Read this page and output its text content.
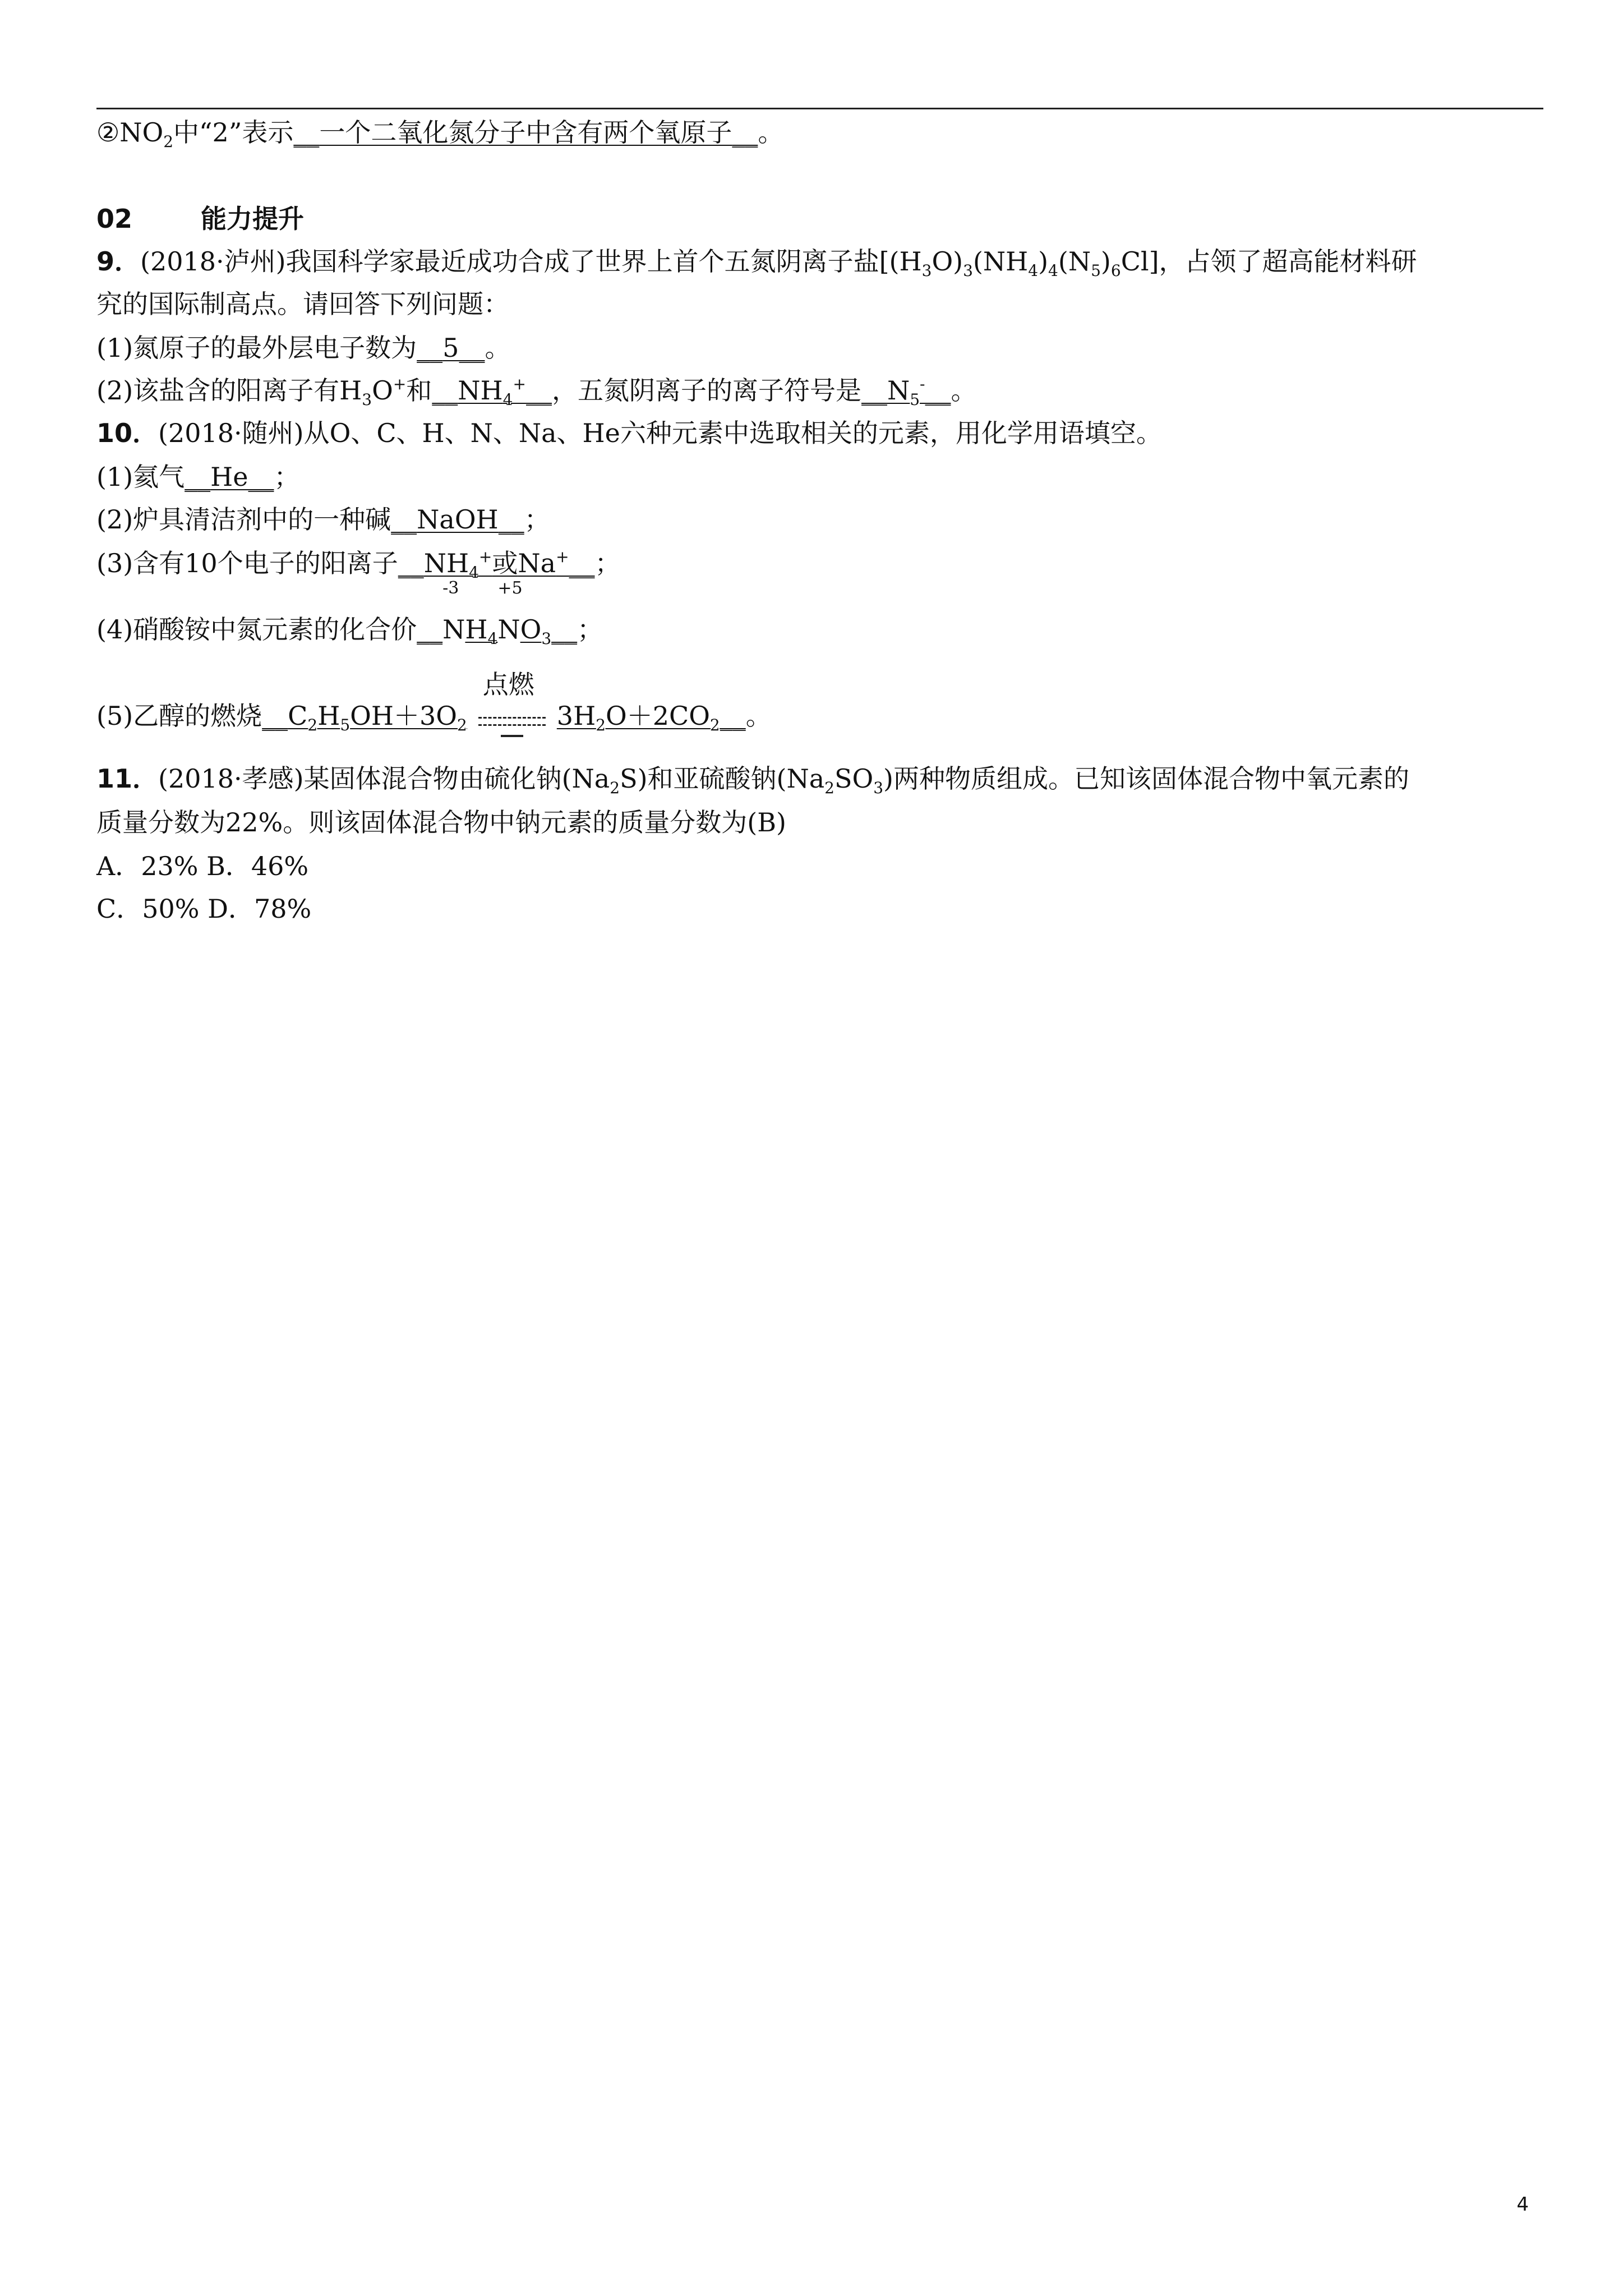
$②NO_2$中“2”表示__一个二氧化氮分子中含有两个氧原子__。
02	能力提升
9．(2018·泸州)我国科学家最近成功合成了世界上首个五氮阴离子盐$[(H_3O)_3(NH_4)_4(N_5)_6Cl]$，占领了超高能材料研
究的国际制高点。请回答下列问题：
(1)氮原子的最外层电子数为__5__。
(2)该盐含的阳离子有$H_3O^+$和$\_\_NH_4^+\_\_$，五氮阴离子的离子符号是$\_\_N_5^-\_\_$。
10．(2018·随州)从O、C、H、N、Na、He六种元素中选取相关的元素，用化学用语填空。
(1)氦气__He__；
(2)炉具清洁剂中的一种碱__NaOH__；
(3)含有10个电子的阳离子$\_\_NH_4^+$或Na+__；
(4)硝酸铵中氮元素的化合价__
-3
$NH_4$
+5
$NO_3\_\_$；
(5)乙醇的燃烧$\_\_C_2H_5OH+3O_2$
点燃
$3H_2O+2CO_2\_\_$。
11．(2018·孝感)某固体混合物由硫化钠$(Na_2S)$和亚硫酸钠$(Na_2SO_3)$两种物质组成。已知该固体混合物中氧元素的
质量分数为22%。则该固体混合物中钠元素的质量分数为(B)
A．23% B．46%
C．50% D．78%
4
